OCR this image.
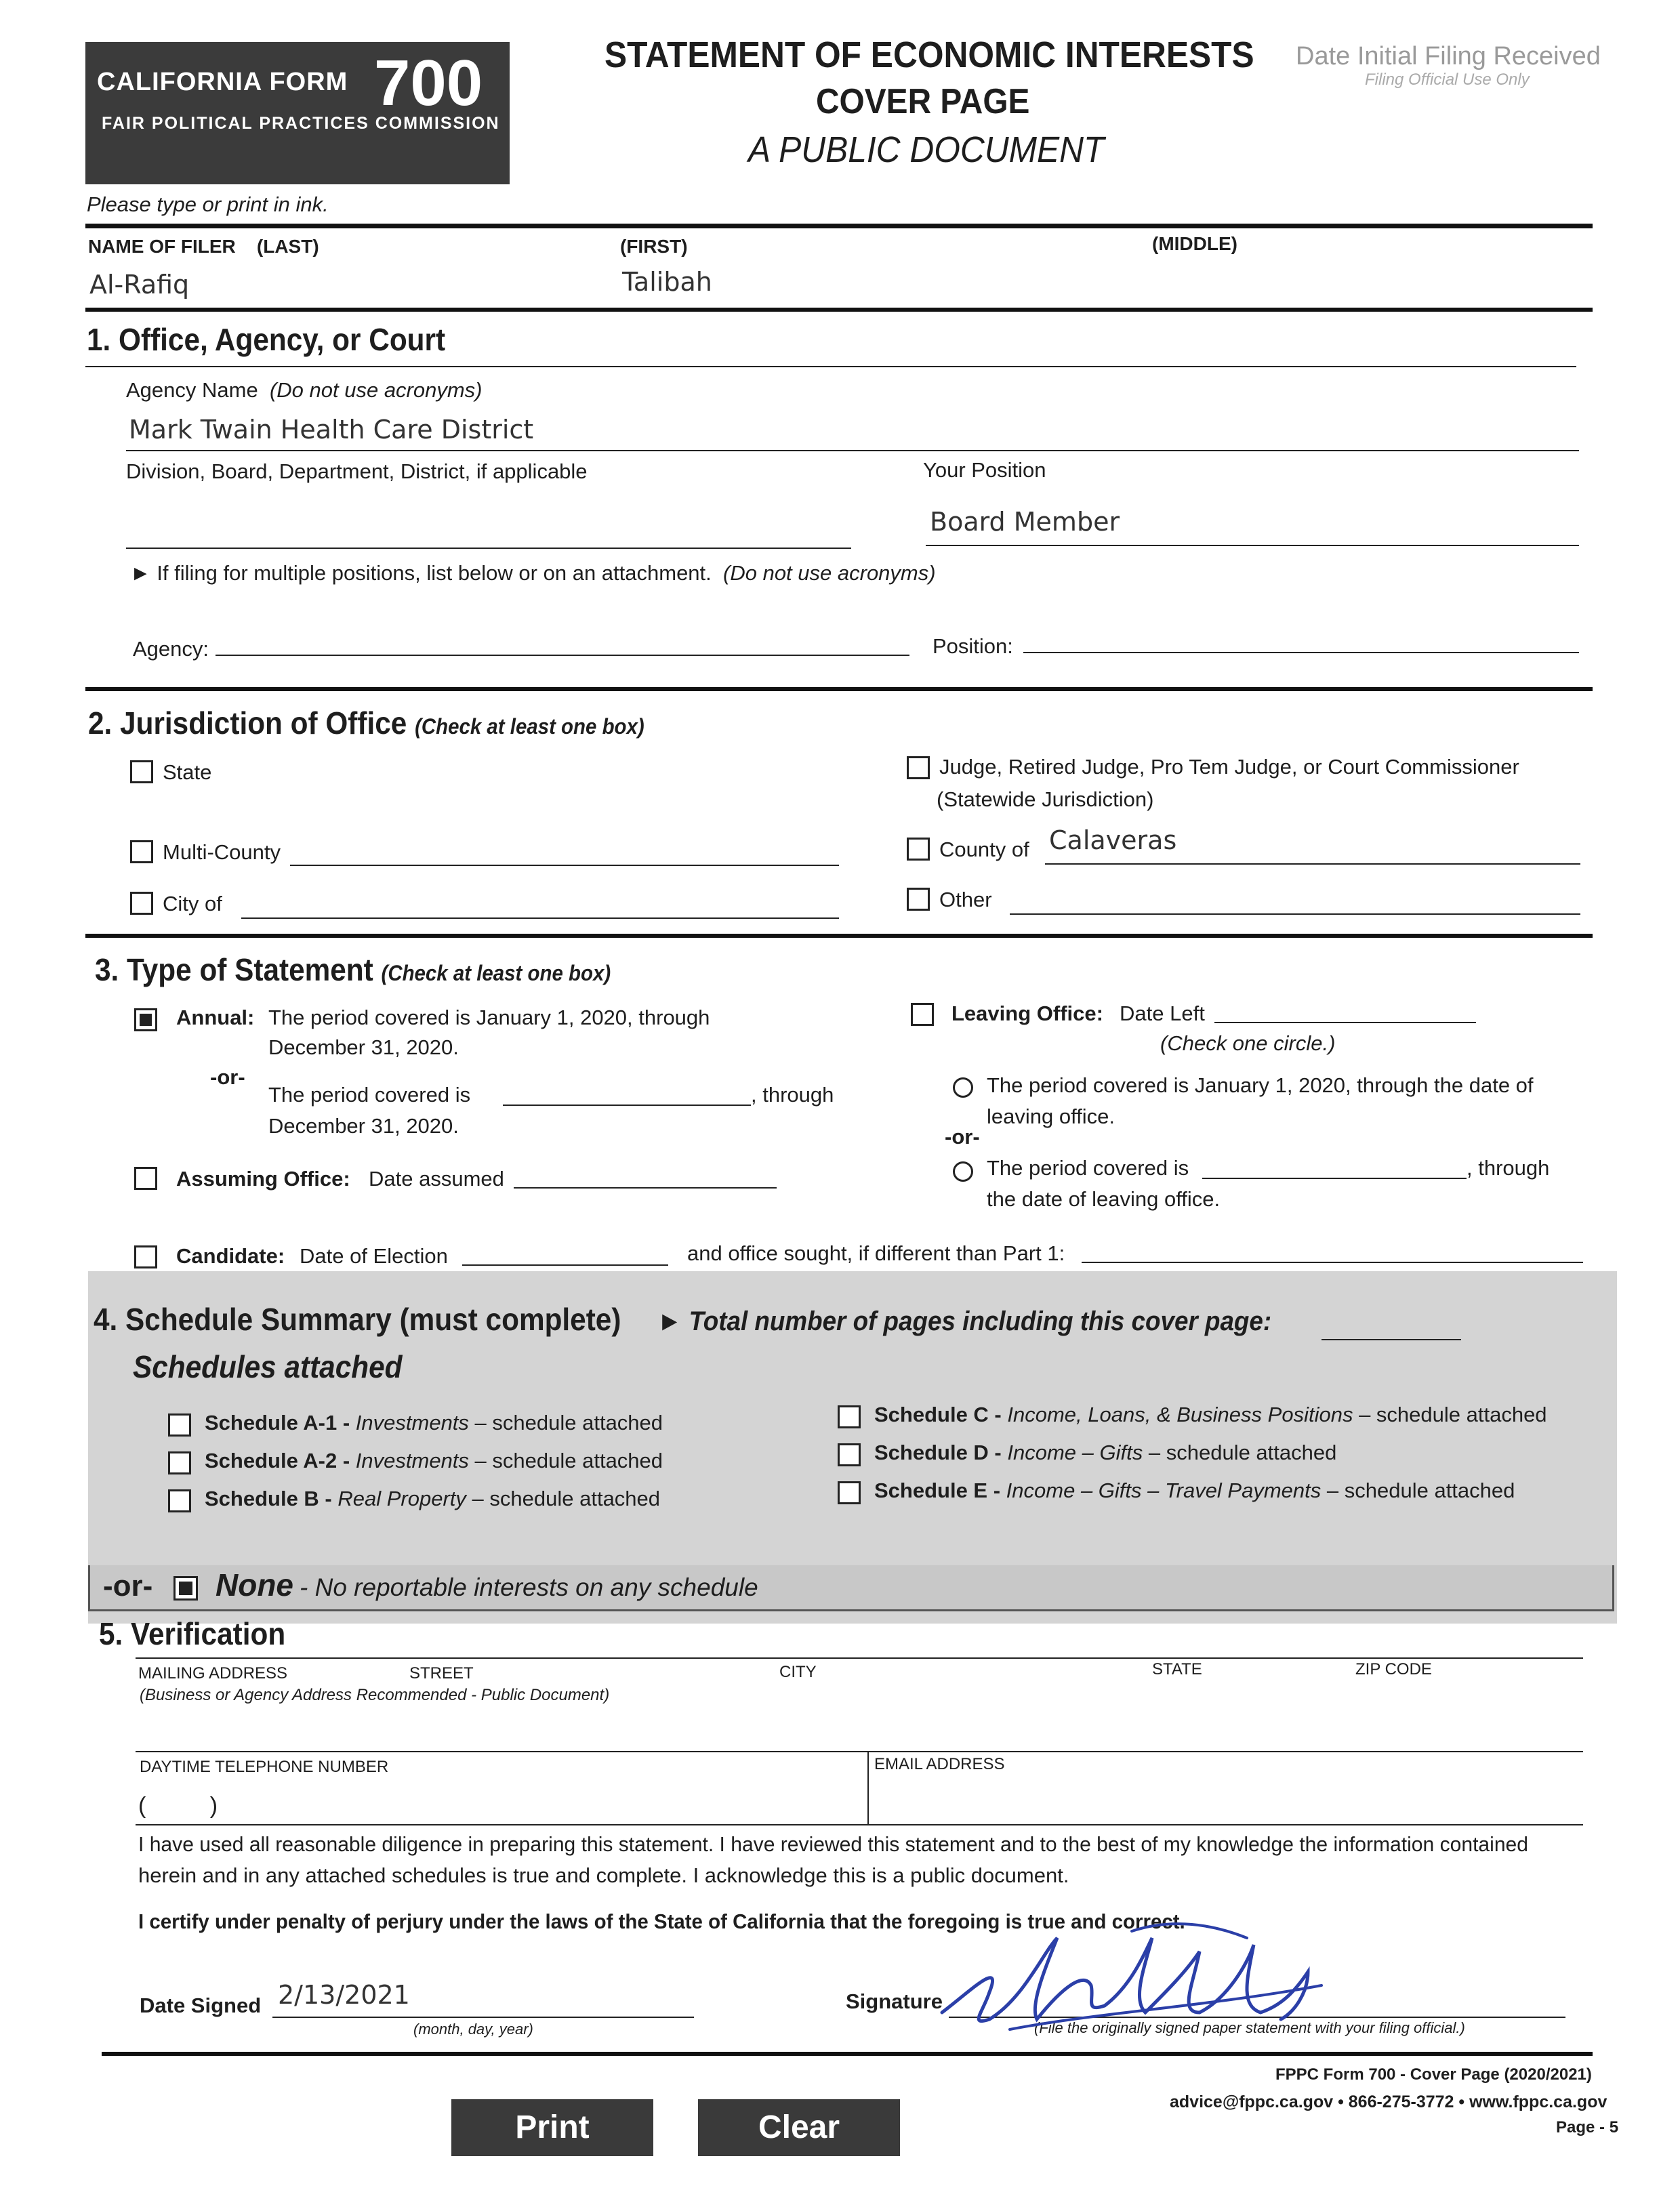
CALIFORNIA FORM 700
FAIR POLITICAL PRACTICES COMMISSION
STATEMENT OF ECONOMIC INTERESTS
COVER PAGE
A PUBLIC DOCUMENT
Date Initial Filing Received
Filing Official Use Only
Please type or print in ink.
NAME OF FILER (LAST)	(FIRST)	(MIDDLE)
Al-Rafiq	Talibah
1. Office, Agency, or Court
Agency Name (Do not use acronyms)
Mark Twain Health Care District
Division, Board, Department, District, if applicable	Your Position
Board Member
► If filing for multiple positions, list below or on an attachment. (Do not use acronyms)
Agency:	Position:
2. Jurisdiction of Office (Check at least one box)
State	Judge, Retired Judge, Pro Tem Judge, or Court Commissioner
(Statewide Jurisdiction)
Multi-County	County of Calaveras
City of	Other
3. Type of Statement (Check at least one box)
Annual: The period covered is January 1, 2020, through
December 31, 2020.
-or-
The period covered is	, through
December 31, 2020.
Assuming Office: Date assumed
Leaving Office: Date Left
(Check one circle.)
The period covered is January 1, 2020, through the date of
leaving office.
-or-
The period covered is	, through
the date of leaving office.
Candidate: Date of Election	and office sought, if different than Part 1:
4. Schedule Summary (must complete) ► Total number of pages including this cover page:
Schedules attached
Schedule A-1 - Investments – schedule attached
Schedule A-2 - Investments – schedule attached
Schedule B - Real Property – schedule attached
Schedule C - Income, Loans, & Business Positions – schedule attached
Schedule D - Income – Gifts – schedule attached
Schedule E - Income – Gifts – Travel Payments – schedule attached
-or- None - No reportable interests on any schedule
5. Verification
MAILING ADDRESS	STREET	CITY	STATE	ZIP CODE
(Business or Agency Address Recommended - Public Document)
DAYTIME TELEPHONE NUMBER
(          )
EMAIL ADDRESS
I have used all reasonable diligence in preparing this statement. I have reviewed this statement and to the best of my knowledge the information contained
herein and in any attached schedules is true and complete. I acknowledge this is a public document.
I certify under penalty of perjury under the laws of the State of California that the foregoing is true and correct.
Date Signed 2/13/2021
(month, day, year)
Signature
(File the originally signed paper statement with your filing official.)
FPPC Form 700 - Cover Page (2020/2021)
advice@fppc.ca.gov • 866-275-3772 • www.fppc.ca.gov
Page - 5
Print	Clear
